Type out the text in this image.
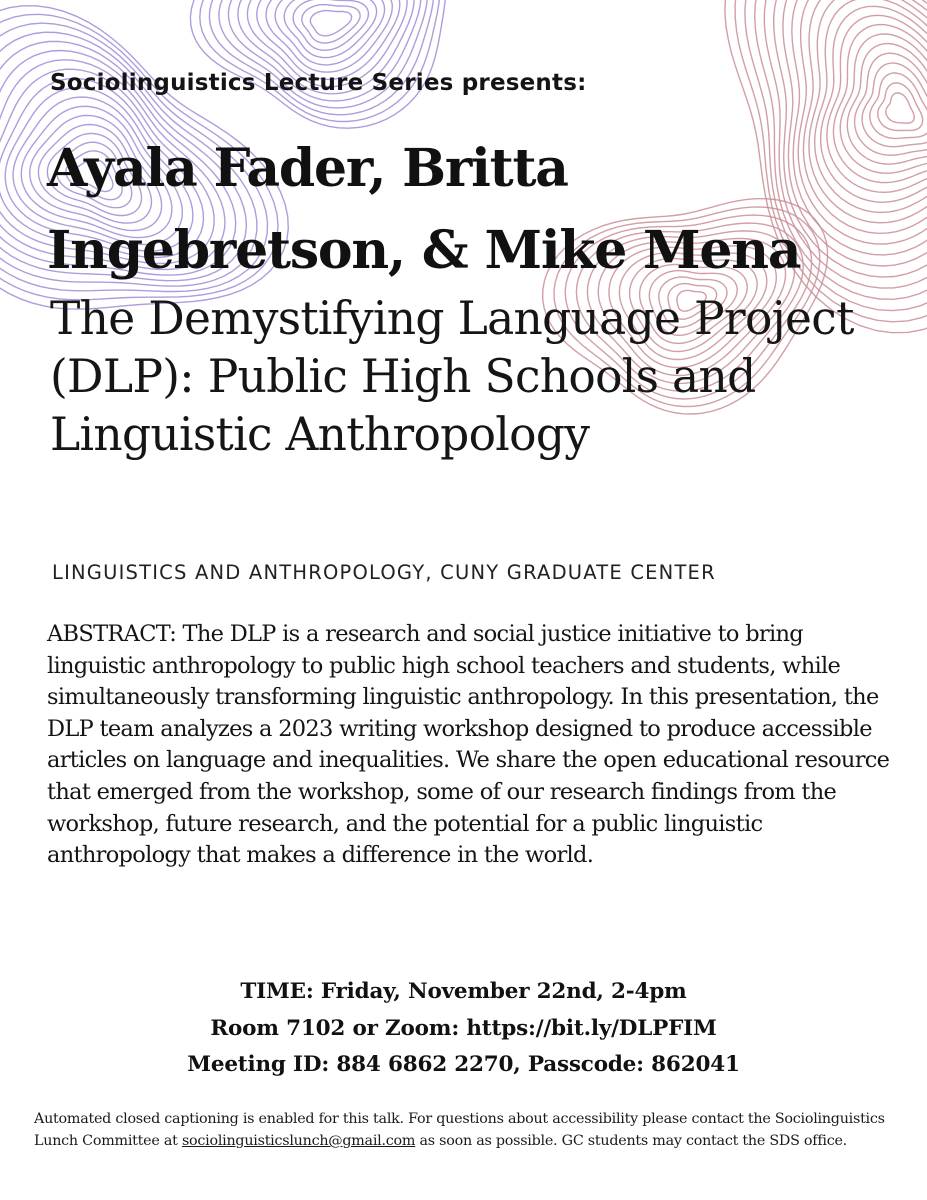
Sociolinguistics Lecture Series presents:
Ayala Fader, Britta
Ingebretson, & Mike Mena
The Demystifying Language Project (DLP): Public High Schools and Linguistic Anthropology
LINGUISTICS AND ANTHROPOLOGY, CUNY GRADUATE CENTER
ABSTRACT: The DLP is a research and social justice initiative to bring linguistic anthropology to public high school teachers and students, while simultaneously transforming linguistic anthropology. In this presentation, the DLP team analyzes a 2023 writing workshop designed to produce accessible articles on language and inequalities. We share the open educational resource that emerged from the workshop, some of our research findings from the workshop, future research, and the potential for a public linguistic anthropology that makes a difference in the world.
TIME: Friday, November 22nd, 2-4pm
Room 7102 or Zoom: https://bit.ly/DLPFIM
Meeting ID: 884 6862 2270, Passcode: 862041
Automated closed captioning is enabled for this talk. For questions about accessibility please contact the Sociolinguistics Lunch Committee at sociolinguisticslunch@gmail.com as soon as possible. GC students may contact the SDS office.
